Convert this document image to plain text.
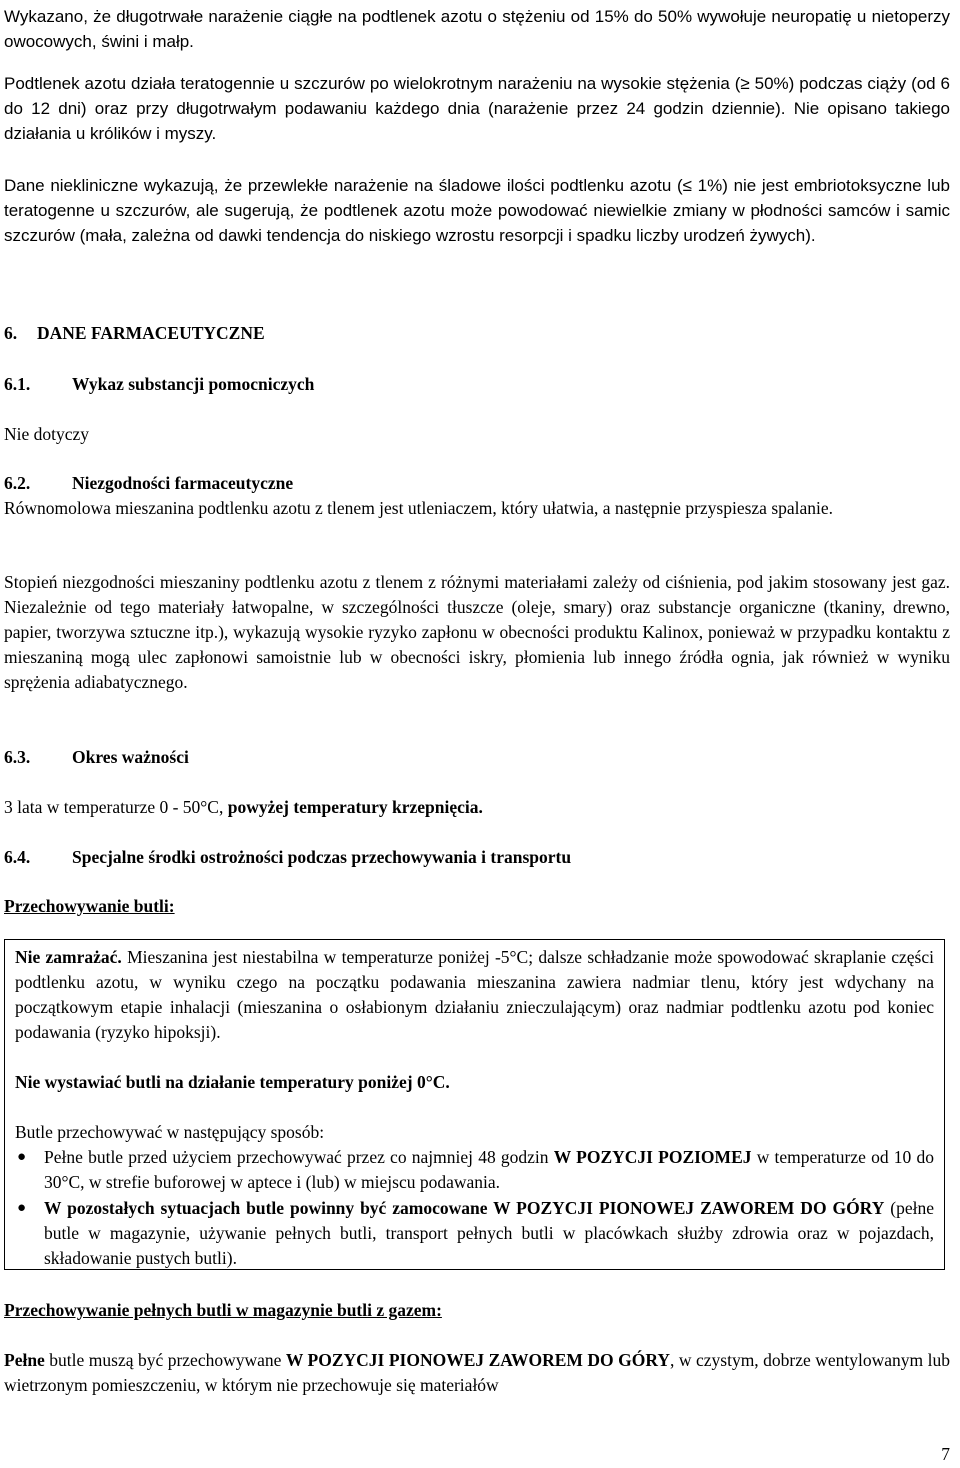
Wykazano, że długotrwałe narażenie ciągłe na podtlenek azotu o stężeniu od 15% do 50% wywołuje neuropatię u nietoperzy owocowych, świni i małp.

Podtlenek azotu działa teratogennie u szczurów po wielokrotnym narażeniu na wysokie stężenia (≥ 50%) podczas ciąży (od 6 do 12 dni) oraz przy długotrwałym podawaniu każdego dnia (narażenie przez 24 godzin dziennie). Nie opisano takiego działania u królików i myszy.

Dane niekliniczne wykazują, że przewlekłe narażenie na śladowe ilości podtlenku azotu (≤ 1%) nie jest embriotoksyczne lub teratogenne u szczurów, ale sugerują, że podtlenek azotu może powodować niewielkie zmiany w płodności samców i samic szczurów (mała, zależna od dawki tendencja do niskiego wzrostu resorpcji i spadku liczby urodzeń żywych).

6.	DANE FARMACEUTYCZNE
6.1.	Wykaz substancji pomocniczych

Nie dotyczy

6.2.	Niezgodności farmaceutyczne

Równomolowa mieszanina podtlenku azotu z tlenem jest utleniaczem, który ułatwia, a następnie przyspiesza spalanie.

Stopień niezgodności mieszaniny podtlenku azotu z tlenem z różnymi materiałami zależy od ciśnienia, pod jakim stosowany jest gaz. Niezależnie od tego materiały łatwopalne, w szczególności tłuszcze (oleje, smary) oraz substancje organiczne (tkaniny, drewno, papier, tworzywa sztuczne itp.), wykazują wysokie ryzyko zapłonu w obecności produktu Kalinox, ponieważ w przypadku kontaktu z mieszaniną mogą ulec zapłonowi samoistnie lub w obecności iskry, płomienia lub innego źródła ognia, jak również w wyniku sprężenia adiabatycznego.

6.3.	Okres ważności

3 lata w temperaturze 0 - 50°C, powyżej temperatury krzepnięcia.

6.4.	Specjalne środki ostrożności podczas przechowywania i transportu

Przechowywanie butli:

Nie zamrażać. Mieszanina jest niestabilna w temperaturze poniżej -5°C; dalsze schładzanie może spowodować skraplanie części podtlenku azotu, w wyniku czego na początku podawania mieszanina zawiera nadmiar tlenu, który jest wdychany na początkowym etapie inhalacji (mieszanina o osłabionym działaniu znieczulającym) oraz nadmiar podtlenku azotu pod koniec podawania (ryzyko hipoksji).

Nie wystawiać butli na działanie temperatury poniżej 0°C.

Butle przechowywać w następujący sposób:

● Pełne butle przed użyciem przechowywać przez co najmniej 48 godzin W POZYCJI POZIOMEJ w temperaturze od 10 do 30°C, w strefie buforowej w aptece i (lub) w miejscu podawania.
● W pozostałych sytuacjach butle powinny być zamocowane W POZYCJI PIONOWEJ ZAWOREM DO GÓRY (pełne butle w magazynie, używanie pełnych butli, transport pełnych butli w placówkach służby zdrowia oraz w pojazdach, składowanie pustych butli).

Przechowywanie pełnych butli w magazynie butli z gazem:

Pełne butle muszą być przechowywane W POZYCJI PIONOWEJ ZAWOREM DO GÓRY, w czystym, dobrze wentylowanym lub wietrzonym pomieszczeniu, w którym nie przechowuje się materiałów

7
